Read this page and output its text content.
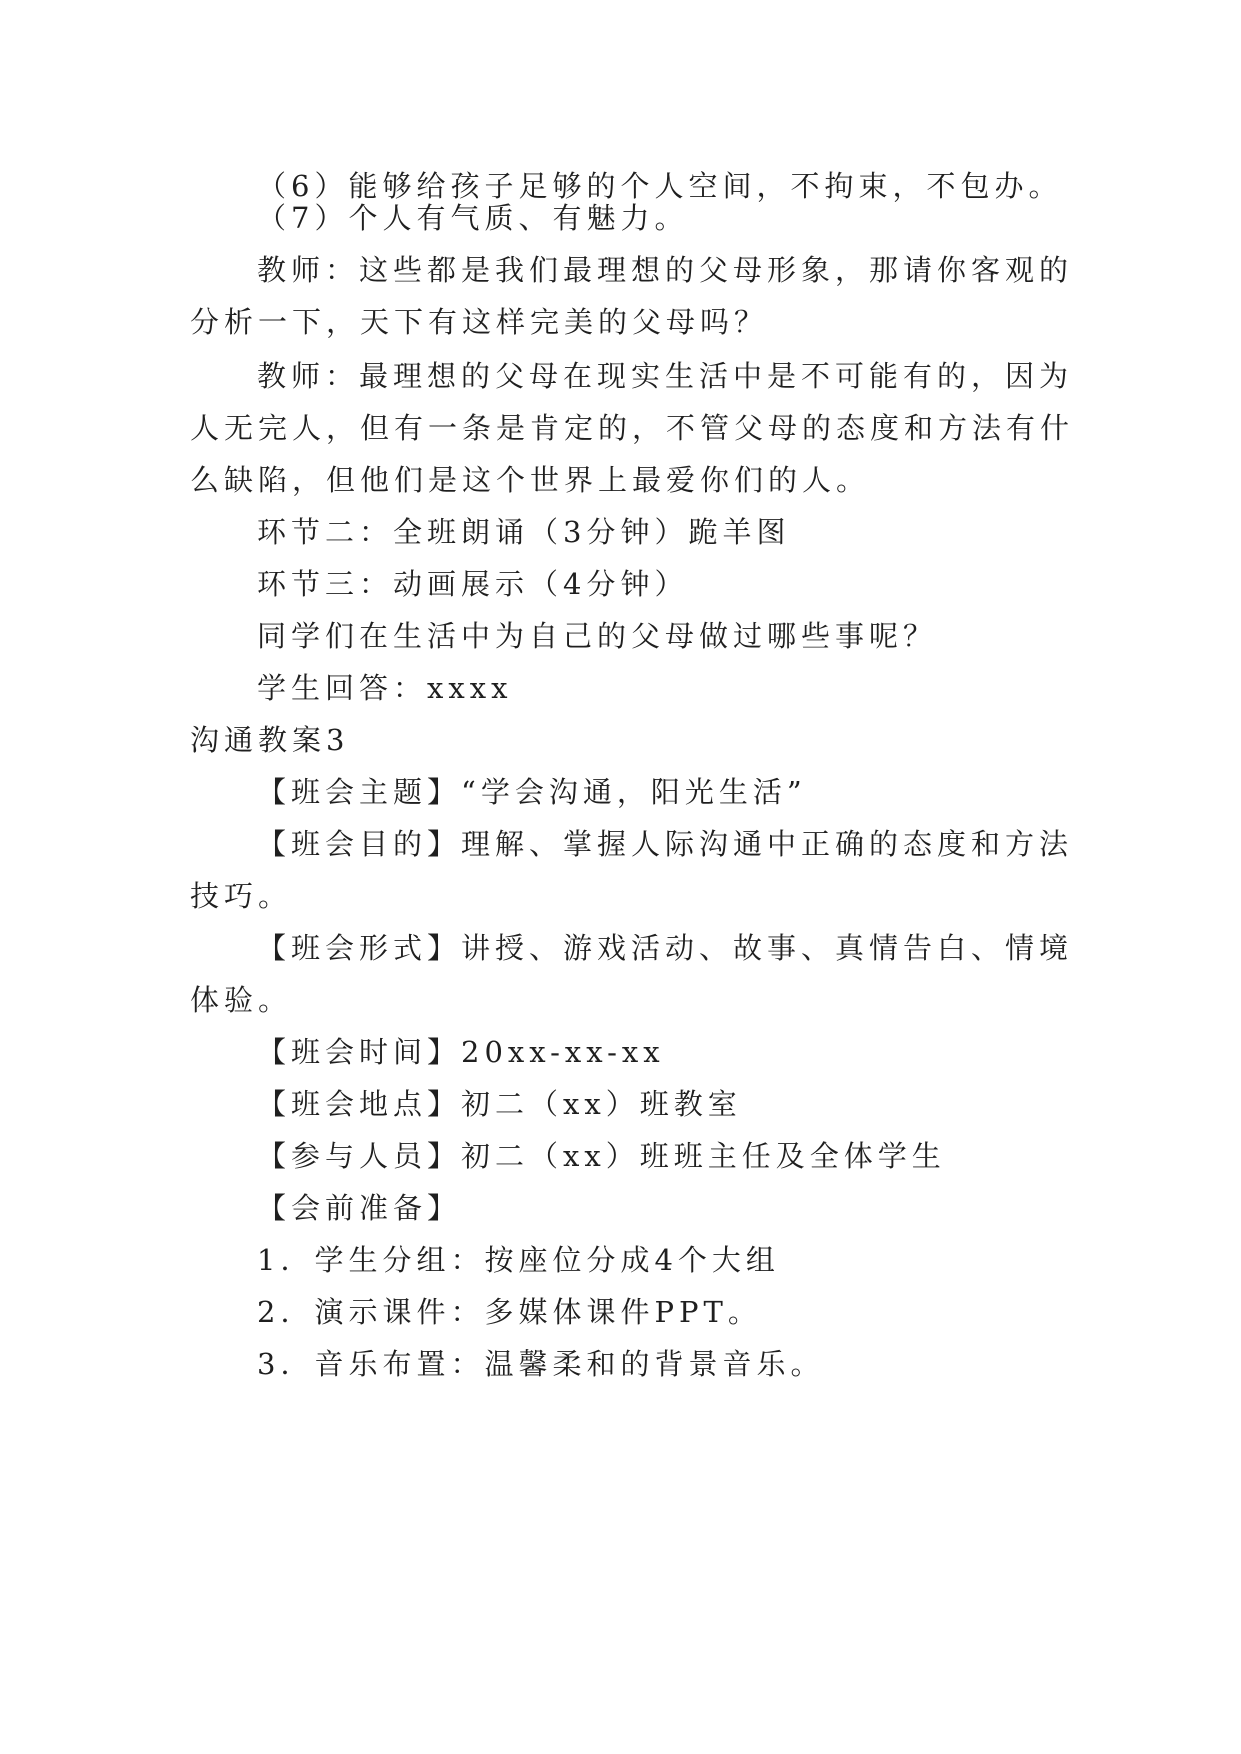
（6）能够给孩子足够的个人空间，不拘束，不包办。
（7）个人有气质、有魅力。
教师：这些都是我们最理想的父母形象，那请你客观的
分析一下，天下有这样完美的父母吗？
教师：最理想的父母在现实生活中是不可能有的，因为
人无完人，但有一条是肯定的，不管父母的态度和方法有什
么缺陷，但他们是这个世界上最爱你们的人。
环节二：全班朗诵（3分钟）跪羊图
环节三：动画展示（4分钟）
同学们在生活中为自己的父母做过哪些事呢？
学生回答：xxxx
沟通教案3
【班会主题】“学会沟通，阳光生活”
【班会目的】理解、掌握人际沟通中正确的态度和方法
技巧。
【班会形式】讲授、游戏活动、故事、真情告白、情境
体验。
【班会时间】20xx-xx-xx
【班会地点】初二（xx）班教室
【参与人员】初二（xx）班班主任及全体学生
【会前准备】
1．学生分组：按座位分成4个大组
2．演示课件：多媒体课件PPT。
3．音乐布置：温馨柔和的背景音乐。
